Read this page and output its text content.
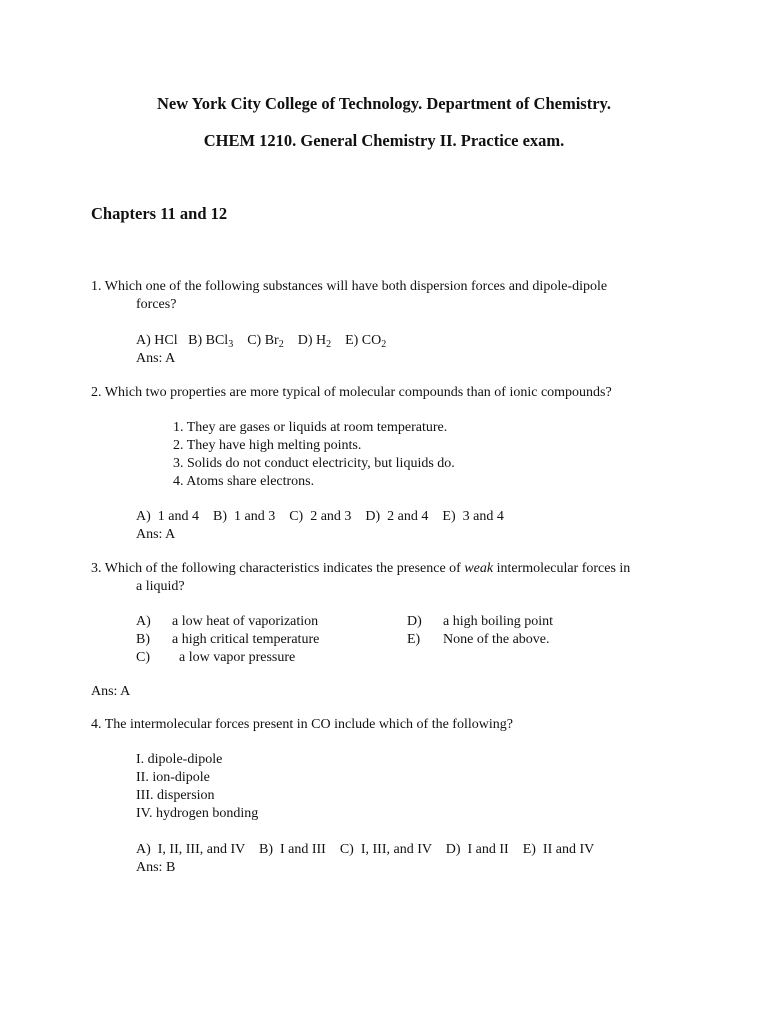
New York City College of Technology. Department of Chemistry.
CHEM 1210. General Chemistry II. Practice exam.
Chapters 11 and 12
1. Which one of the following substances will have both dispersion forces and dipole-dipole
forces?
A) HCl B) BCl$_3$ C) $Br_2$ D) $H_2$ E) $CO_2$
Ans: A
2. Which two properties are more typical of molecular compounds than of ionic compounds?
1. They are gases or liquids at room temperature.
2. They have high melting points.
3. Solids do not conduct electricity, but liquids do.
4. Atoms share electrons.
A)  1 and 4    B)  1 and 3    C)  2 and 3    D)  2 and 4    E)  3 and 4
Ans: A
3. Which of the following characteristics indicates the presence of weak intermolecular forces in
a liquid?
A) a low heat of vaporization
B) a high critical temperature
C)  a low vapor pressure
D) a high boiling point
E) None of the above.
Ans: A
4. The intermolecular forces present in CO include which of the following?
I. dipole-dipole
II. ion-dipole
III. dispersion
IV. hydrogen bonding
A)  I, II, III, and IV    B)  I and III    C)  I, III, and IV    D)  I and II    E)  II and IV
Ans: B
